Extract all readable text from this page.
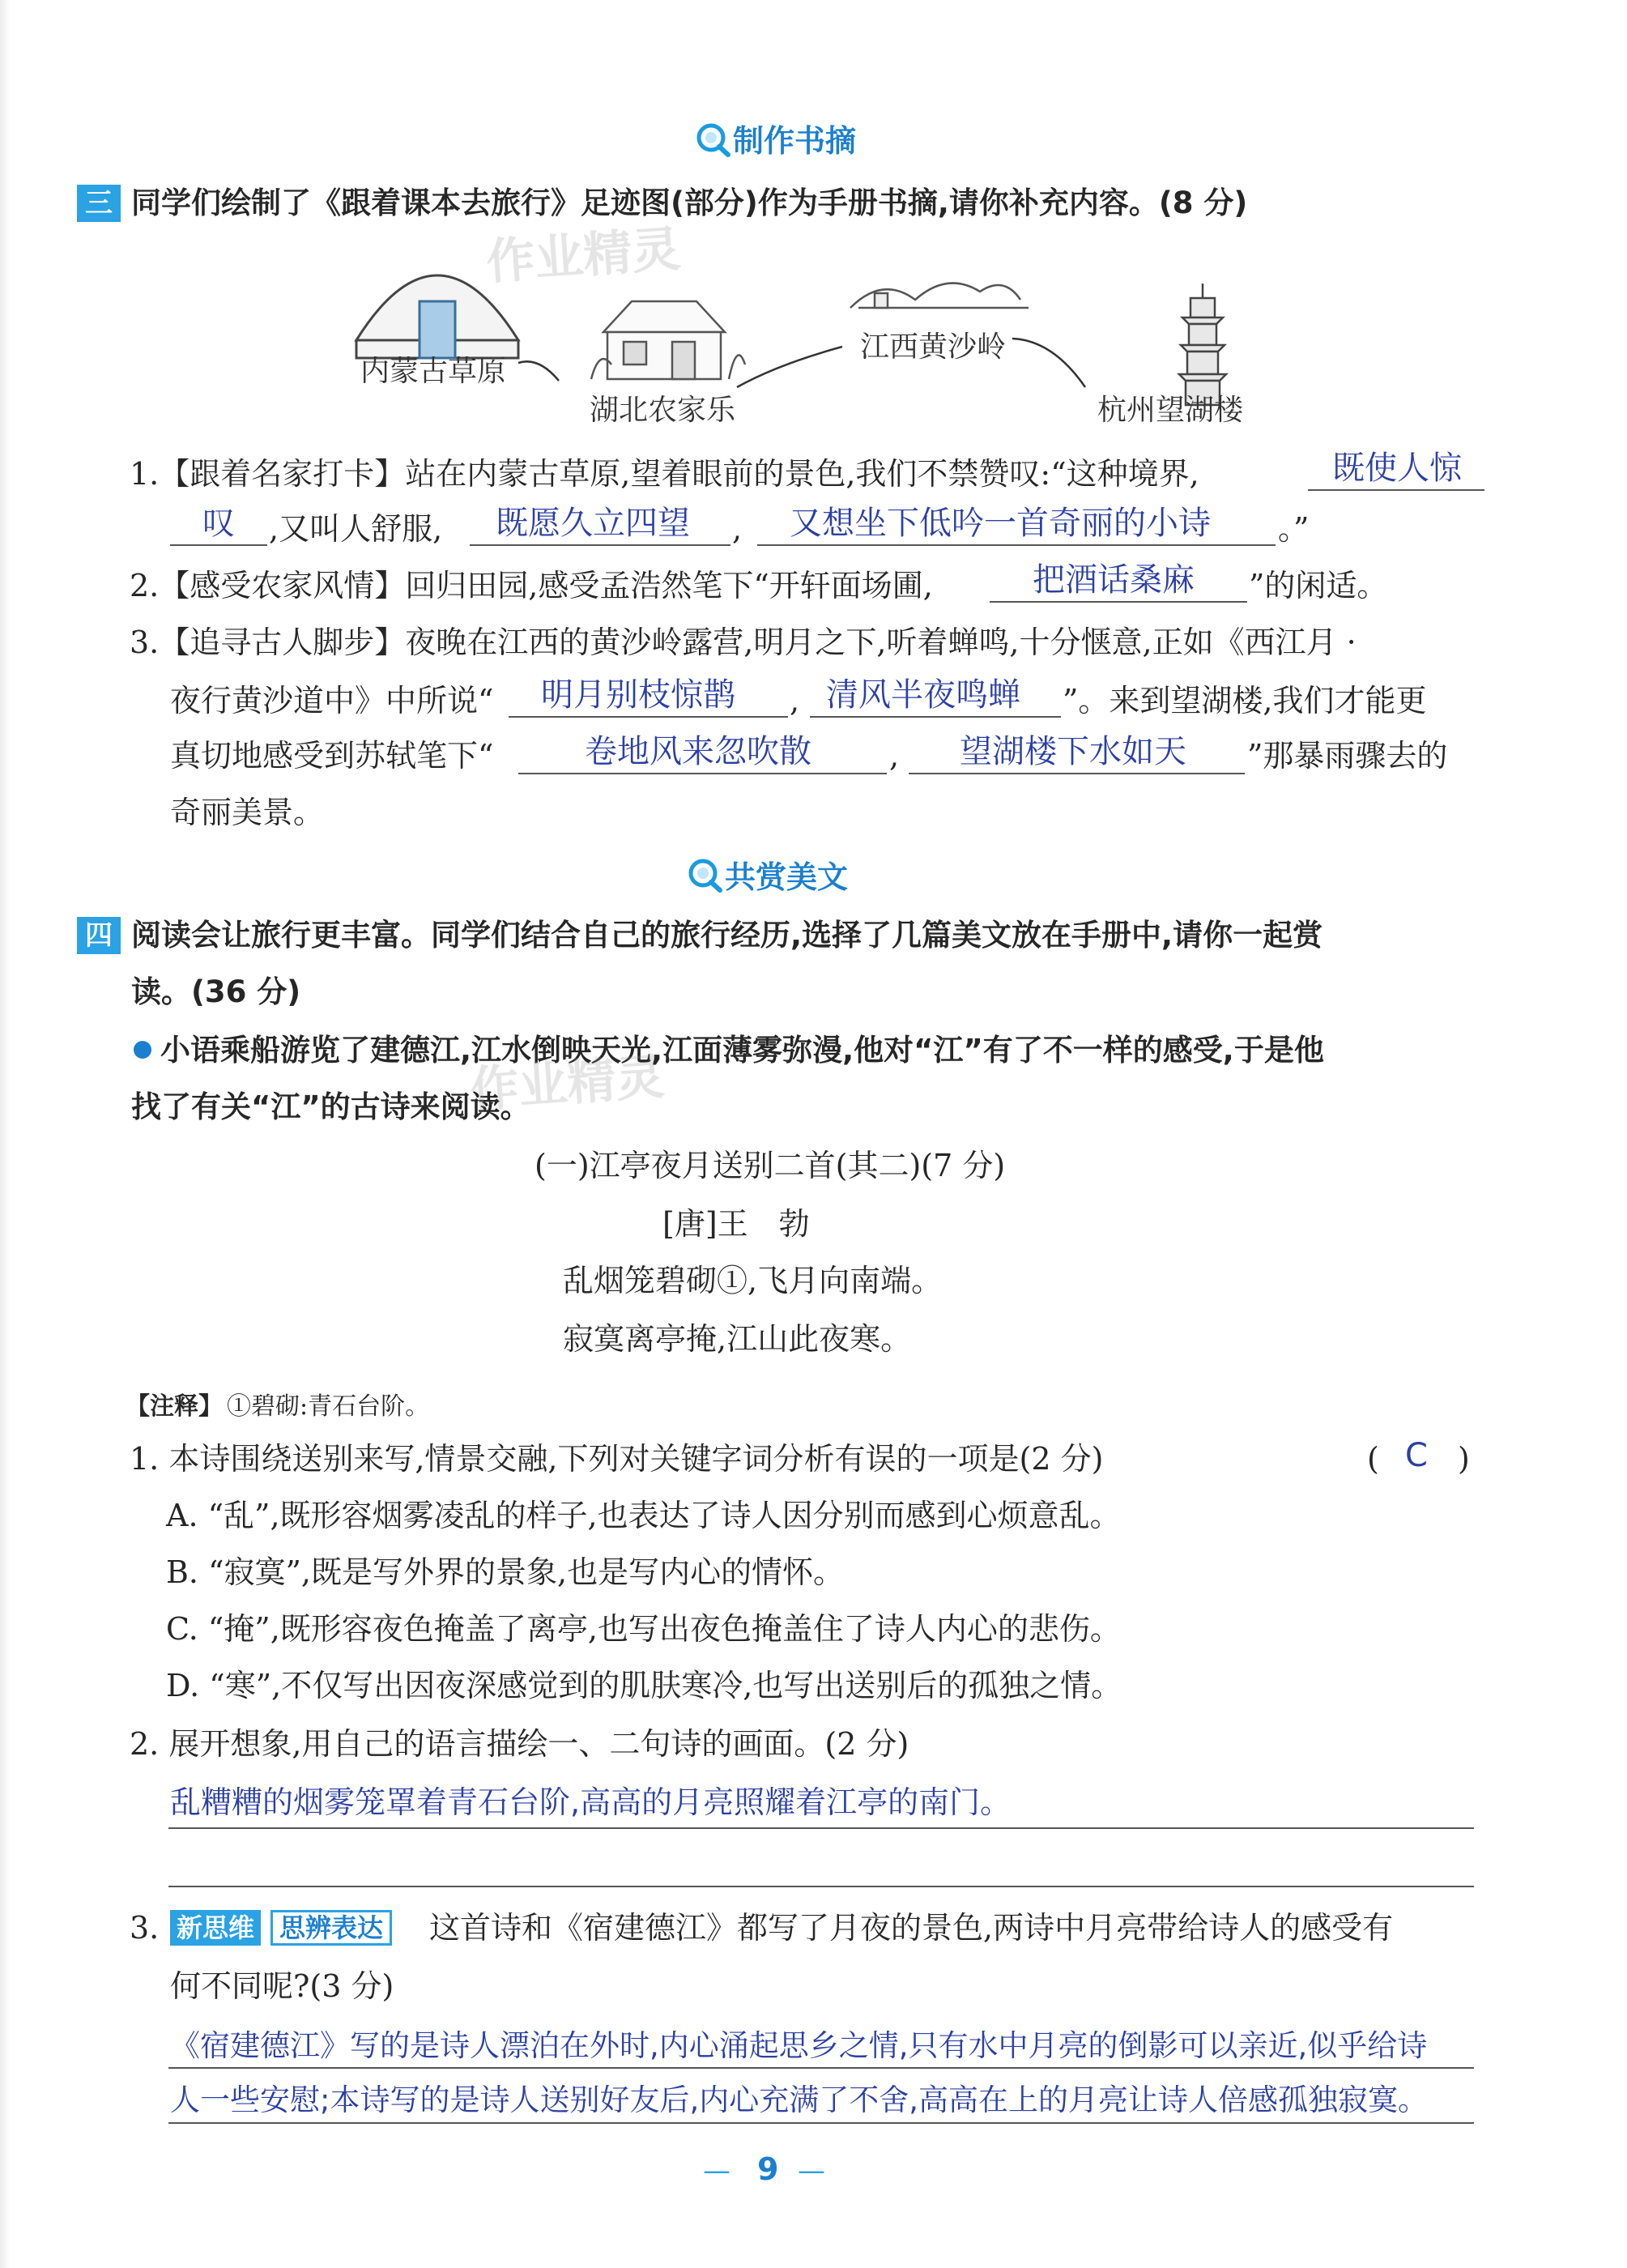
制作书摘
三 同学们绘制了《跟着课本去旅行》足迹图(部分)作为手册书摘,请你补充内容。(8 分)
作业精灵
内蒙古草原
湖北农家乐
江西黄沙岭
杭州望湖楼
1.【跟着名家打卡】站在内蒙古草原,望着眼前的景色,我们不禁赞叹:“这种境界,	既使人惊
叹 ,又叫人舒服, 既愿久立四望 , 又想坐下低吟一首奇丽的小诗 。”
2.【感受农家风情】回归田园,感受孟浩然笔下“开轩面场圃,	把酒话桑麻 ”的闲适。
3.【追寻古人脚步】夜晚在江西的黄沙岭露营,明月之下,听着蝉鸣,十分惬意,正如《西江月 ·
夜行黄沙道中》中所说“ 明月别枝惊鹊 , 清风半夜鸣蝉 ”。来到望湖楼,我们才能更
真切地感受到苏轼笔下“	卷地风来忽吹散	, 望湖楼下水如天 ”那暴雨骤去的
奇丽美景。
共赏美文
四 阅读会让旅行更丰富。同学们结合自己的旅行经历,选择了几篇美文放在手册中,请你一起赏
读。(36 分)
小语乘船游览了建德江,江水倒映天光,江面薄雾弥漫,他对“江”有了不一样的感受,于是他
找了有关“江”的古诗来阅读。
作业精灵
(一)江亭夜月送别二首(其二)(7 分)
[唐]王　勃
乱烟笼碧砌①,飞月向南端。
寂寞离亭掩,江山此夜寒。
【注释】 ①碧砌:青石台阶。
1. 本诗围绕送别来写,情景交融,下列对关键字词分析有误的一项是(2 分)	( C )
A. “乱”,既形容烟雾凌乱的样子,也表达了诗人因分别而感到心烦意乱。
B. “寂寞”,既是写外界的景象,也是写内心的情怀。
C. “掩”,既形容夜色掩盖了离亭,也写出夜色掩盖住了诗人内心的悲伤。
D. “寒”,不仅写出因夜深感觉到的肌肤寒冷,也写出送别后的孤独之情。
2. 展开想象,用自己的语言描绘一、二句诗的画面。(2 分)
乱糟糟的烟雾笼罩着青石台阶,高高的月亮照耀着江亭的南门。
3. 新思维 思辨表达 这首诗和《宿建德江》都写了月夜的景色,两诗中月亮带给诗人的感受有
何不同呢?(3 分)
《宿建德江》写的是诗人漂泊在外时,内心涌起思乡之情,只有水中月亮的倒影可以亲近,似乎给诗
人一些安慰;本诗写的是诗人送别好友后,内心充满了不舍,高高在上的月亮让诗人倍感孤独寂寞。
— 9 —
